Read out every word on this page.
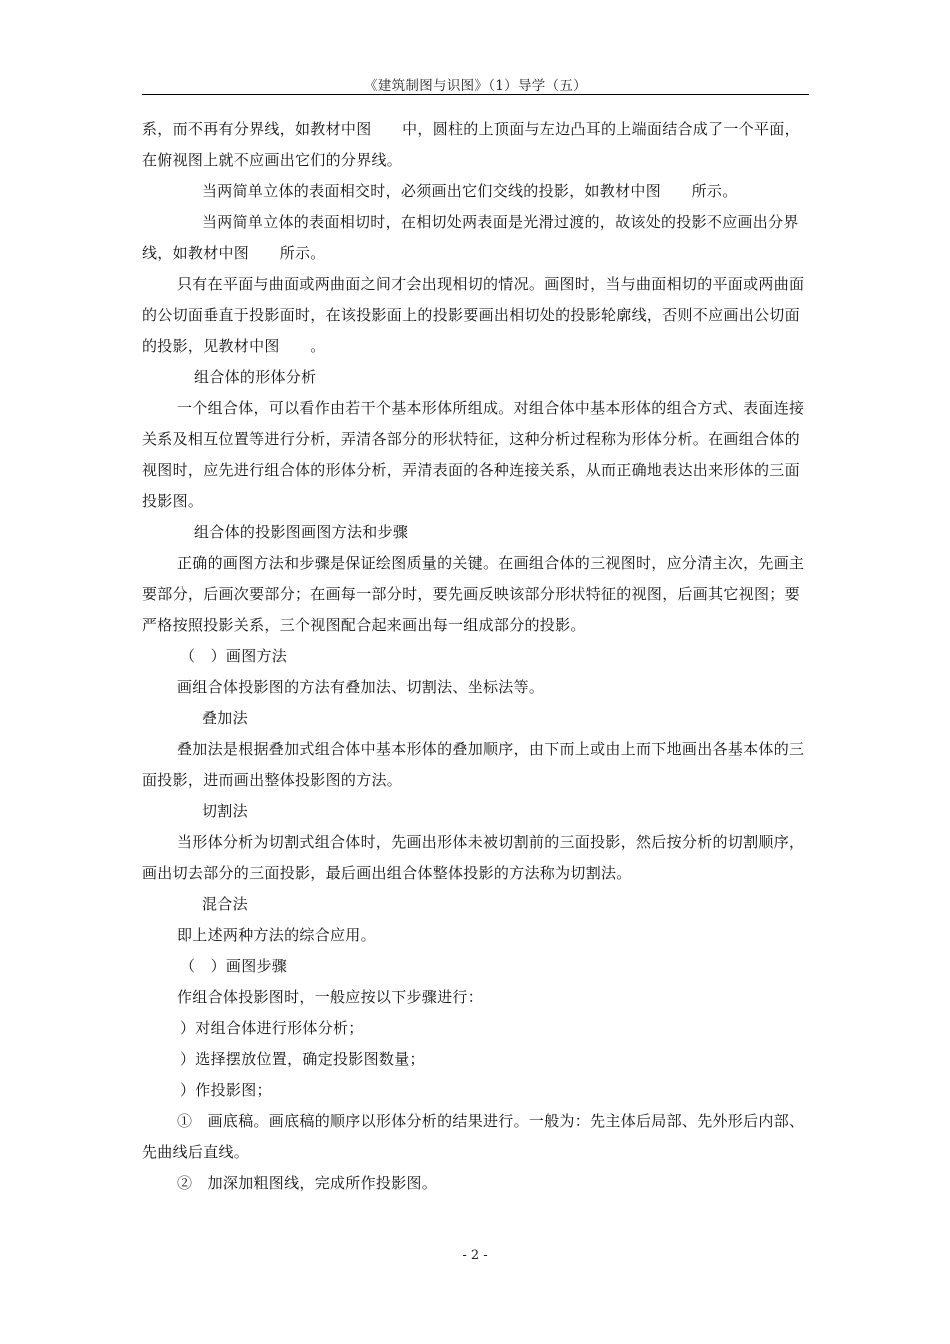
《建筑制图与识图》（1）导学（五）

系，而不再有分界线，如教材中图　　中，圆柱的上顶面与左边凸耳的上端面结合成了一个平面，在俯视图上就不应画出它们的分界线。

当两简单立体的表面相交时，必须画出它们交线的投影，如教材中图　　所示。

当两简单立体的表面相切时，在相切处两表面是光滑过渡的，故该处的投影不应画出分界线，如教材中图　　所示。

只有在平面与曲面或两曲面之间才会出现相切的情况。画图时，当与曲面相切的平面或两曲面的公切面垂直于投影面时，在该投影面上的投影要画出相切处的投影轮廓线，否则不应画出公切面的投影，见教材中图　　。

组合体的形体分析

一个组合体，可以看作由若干个基本形体所组成。对组合体中基本形体的组合方式、表面连接关系及相互位置等进行分析，弄清各部分的形状特征，这种分析过程称为形体分析。在画组合体的视图时，应先进行组合体的形体分析，弄清表面的各种连接关系，从而正确地表达出来形体的三面投影图。

组合体的投影图画图方法和步骤

正确的画图方法和步骤是保证绘图质量的关键。在画组合体的三视图时，应分清主次，先画主要部分，后画次要部分；在画每一部分时，要先画反映该部分形状特征的视图，后画其它视图；要严格按照投影关系，三个视图配合起来画出每一组成部分的投影。

（　）画图方法

画组合体投影图的方法有叠加法、切割法、坐标法等。

叠加法

叠加法是根据叠加式组合体中基本形体的叠加顺序，由下而上或由上而下地画出各基本体的三面投影，进而画出整体投影图的方法。

切割法

当形体分析为切割式组合体时，先画出形体未被切割前的三面投影，然后按分析的切割顺序，画出切去部分的三面投影，最后画出组合体整体投影的方法称为切割法。

混合法

即上述两种方法的综合应用。

（　）画图步骤

作组合体投影图时，一般应按以下步骤进行：

）对组合体进行形体分析；

）选择摆放位置，确定投影图数量；

）作投影图；

①　画底稿。画底稿的顺序以形体分析的结果进行。一般为：先主体后局部、先外形后内部、先曲线后直线。

②　加深加粗图线，完成所作投影图。

- 2 -
